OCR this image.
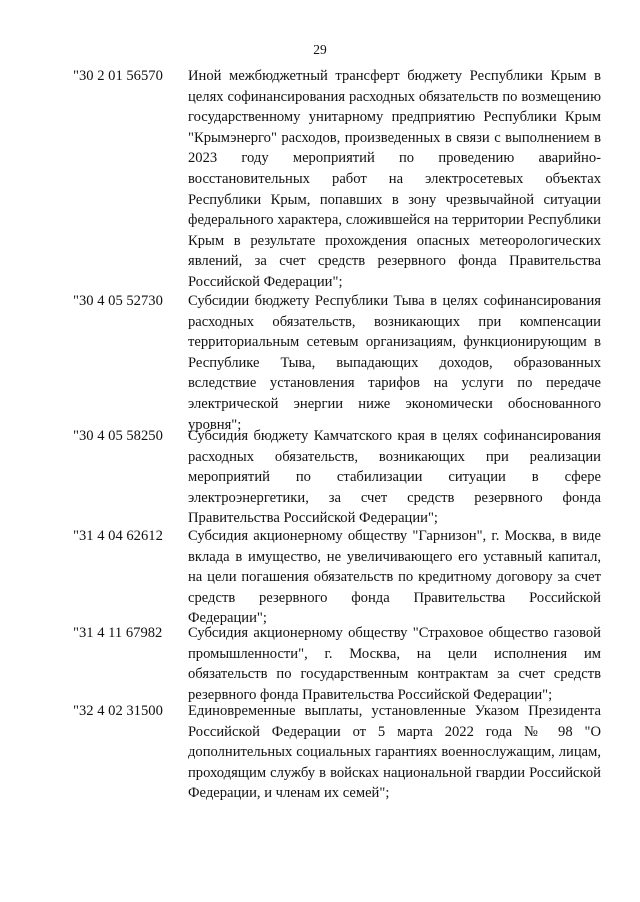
29
"30 2 01 56570 Иной межбюджетный трансферт бюджету Республики Крым в целях софинансирования расходных обязательств по возмещению государственному унитарному предприятию Республики Крым "Крымэнерго" расходов, произведенных в связи с выполнением в 2023 году мероприятий по проведению аварийно-восстановительных работ на электросетевых объектах Республики Крым, попавших в зону чрезвычайной ситуации федерального характера, сложившейся на территории Республики Крым в результате прохождения опасных метеорологических явлений, за счет средств резервного фонда Правительства Российской Федерации";

"30 4 05 52730 Субсидии бюджету Республики Тыва в целях софинансирования расходных обязательств, возникающих при компенсации территориальным сетевым организациям, функционирующим в Республике Тыва, выпадающих доходов, образованных вследствие установления тарифов на услуги по передаче электрической энергии ниже экономически обоснованного уровня";

"30 4 05 58250 Субсидия бюджету Камчатского края в целях софинансирования расходных обязательств, возникающих при реализации мероприятий по стабилизации ситуации в сфере электроэнергетики, за счет средств резервного фонда Правительства Российской Федерации";

"31 4 04 62612 Субсидия акционерному обществу "Гарнизон", г. Москва, в виде вклада в имущество, не увеличивающего его уставный капитал, на цели погашения обязательств по кредитному договору за счет средств резервного фонда Правительства Российской Федерации";

"31 4 11 67982 Субсидия акционерному обществу "Страховое общество газовой промышленности", г. Москва, на цели исполнения им обязательств по государственным контрактам за счет средств резервного фонда Правительства Российской Федерации";

"32 4 02 31500 Единовременные выплаты, установленные Указом Президента Российской Федерации от 5 марта 2022 года № 98 "О дополнительных социальных гарантиях военнослужащим, лицам, проходящим службу в войсках национальной гвардии Российской Федерации, и членам их семей";
